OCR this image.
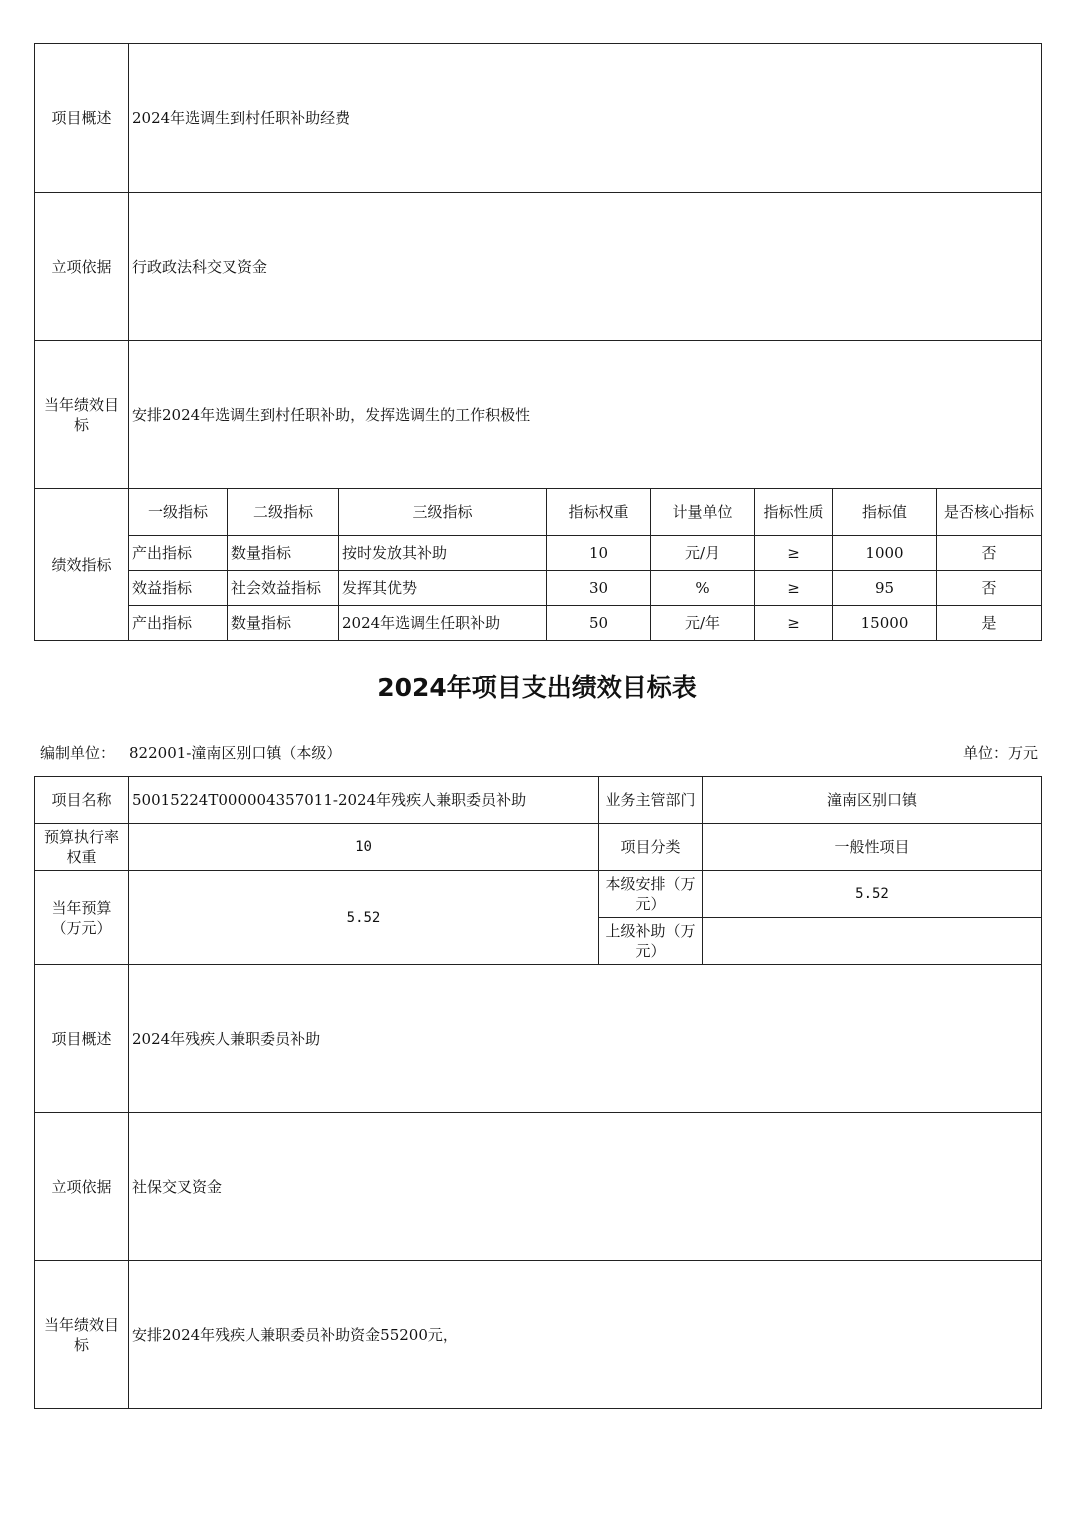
项目概述	2024年选调生到村任职补助经费							
立项依据	行政政法科交叉资金							
当年绩效目标	安排2024年选调生到村任职补助，发挥选调生的工作积极性							
绩效指标	一级指标	二级指标	三级指标	指标权重	计量单位	指标性质	指标值	是否核心指标
	产出指标	数量指标	按时发放其补助	10	元/月	≥	1000	否
	效益指标	社会效益指标	发挥其优势	30	%	≥	95	否
	产出指标	数量指标	2024年选调生任职补助	50	元/年	≥	15000	是
2024年项目支出绩效目标表
编制单位： 822001-潼南区别口镇（本级）	单位：万元
项目名称	50015224T000004357011-2024年残疾人兼职委员补助	业务主管部门	潼南区别口镇
预算执行率权重	10	项目分类	一般性项目
当年预算（万元）	5.52	本级安排（万元）	5.52
		上级补助（万元）	
项目概述	2024年残疾人兼职委员补助		
立项依据	社保交叉资金		
当年绩效目标	安排2024年残疾人兼职委员补助资金55200元，		
